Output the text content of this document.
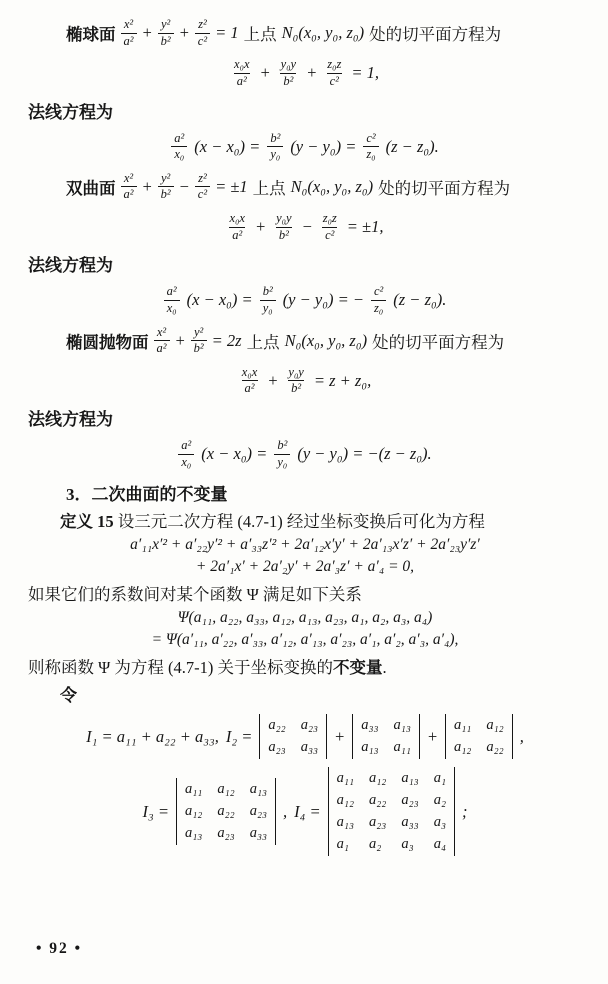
椭球面 $\frac{\text{x²}}{\text{a²}} + \frac{\text{y²}}{\text{b²}} + \frac{\text{z²}}{\text{c²}} = 1$ 上点 N₀(x₀, y₀, z₀) 处的切平面方程为

$\frac{\text{x₀x}}{\text{a²}} + \frac{\text{y₀y}}{\text{b²}} + \frac{\text{z₀z}}{\text{c²}} = 1$,

法线方程为

$\frac{\text{a²}}{\text{x₀}} (x - x_0) = \frac{\text{b²}}{\text{y₀}} (y - y_0) = \frac{\text{c²}}{\text{z₀}} (z - z_0)$.

双曲面 $\frac{\text{x²}}{\text{a²}} + \frac{\text{y²}}{\text{b²}} - \frac{\text{z²}}{\text{c²}} = \pm 1$ 上点 N₀(x₀, y₀, z₀) 处的切平面方程为

$\frac{\text{x₀x}}{\text{a²}} + \frac{\text{y₀y}}{\text{b²}} - \frac{\text{z₀z}}{\text{c²}} = \pm 1$,

法线方程为

$\frac{\text{a²}}{\text{x₀}} (x - x_0) = \frac{\text{b²}}{\text{y₀}} (y - y_0)$ = − $\frac{\text{c²}}{\text{z₀}} (z - z_0)$.

椭圆抛物面 $\frac{\text{x²}}{\text{a²}} + \frac{\text{y²}}{\text{b²}} = 2z$ 上点 N₀(x₀, y₀, z₀) 处的切平面方程为

$\frac{\text{x₀x}}{\text{a²}} + \frac{\text{y₀y}}{\text{b²}} = z + z_0$,

法线方程为

$\frac{\text{a²}}{\text{x₀}} (x - x_0) = \frac{\text{b²}}{\text{y₀}} (y - y_0) = -(z - z_0)$.

3．二次曲面的不变量

定义 15 设三元二次方程 (4.7-1) 经过坐标变换后可化为方程

a′₁₁x′² + a′₂₂y′² + a′₃₃z′² + 2a′₁₂x′y′ + 2a′₁₃x′z′ + 2a′₂₃y′z′

+ 2a′₁x′ + 2a′₂y′ + 2a′₃z′ + a′₄ = 0,

如果它们的系数间对某个函数 Ψ 满足如下关系

Ψ(a₁₁, a₂₂, a₃₃, a₁₂, a₁₃, a₂₃, a₁, a₂, a₃, a₄)

= Ψ(a′₁₁, a′₂₂, a′₃₃, a′₁₂, a′₁₃, a′₂₃, a′₁, a′₂, a′₃, a′₄),

则称函数 Ψ 为方程 (4.7-1) 关于坐标变换的不变量.

令

I₁ = a₁₁ + a₂₂ + a₃₃, I₂ =
a₂₂ a₂₃
a₂₃ a₃₃
+
a₃₃ a₁₃
a₁₃ a₁₁
+
a₁₁ a₁₂
a₁₂ a₂₂
,

I₃ =
a₁₁ a₁₂ a₁₃
a₁₂ a₂₂ a₂₃
a₁₃ a₂₃ a₃₃
, I₄ =
a₁₁ a₁₂ a₁₃ a₁
a₁₂ a₂₂ a₂₃ a₂
a₁₃ a₂₃ a₃₃ a₃
a₁	a₂	a₃	a₄
;

• 92 •
